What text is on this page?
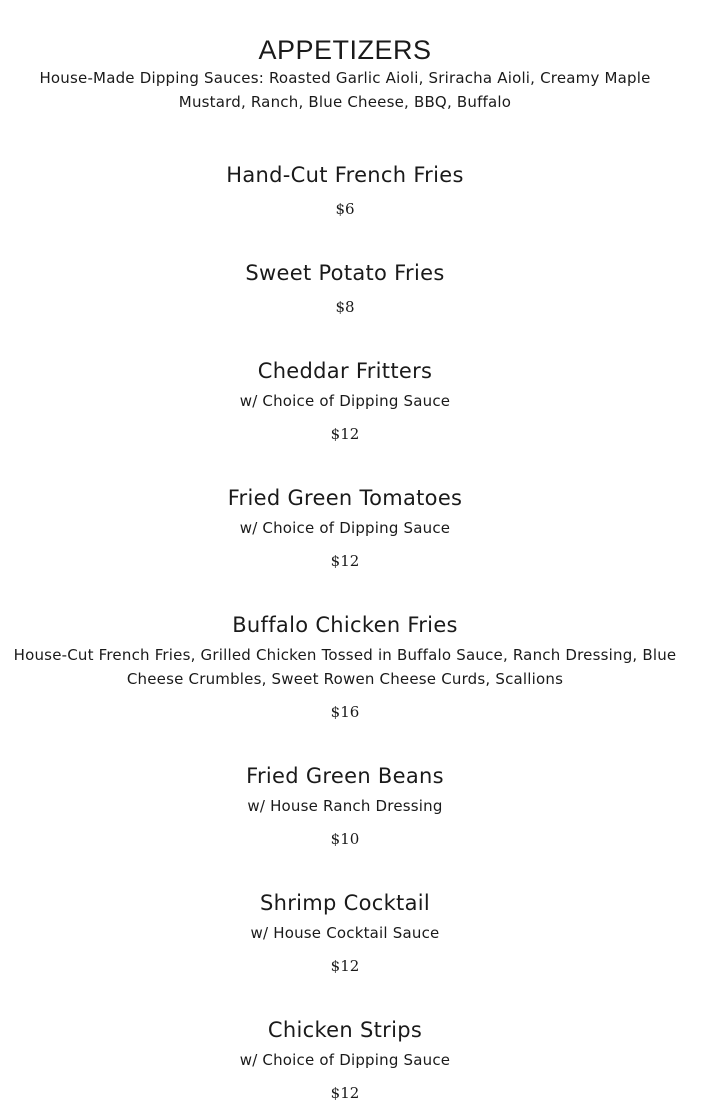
APPETIZERS
House-Made Dipping Sauces: Roasted Garlic Aioli, Sriracha Aioli, Creamy Maple Mustard, Ranch, Blue Cheese, BBQ, Buffalo
Hand-Cut French Fries
$6
Sweet Potato Fries
$8
Cheddar Fritters
w/ Choice of Dipping Sauce
$12
Fried Green Tomatoes
w/ Choice of Dipping Sauce
$12
Buffalo Chicken Fries
House-Cut French Fries, Grilled Chicken Tossed in Buffalo Sauce, Ranch Dressing, Blue Cheese Crumbles, Sweet Rowen Cheese Curds, Scallions
$16
Fried Green Beans
w/ House Ranch Dressing
$10
Shrimp Cocktail
w/ House Cocktail Sauce
$12
Chicken Strips
w/ Choice of Dipping Sauce
$12
